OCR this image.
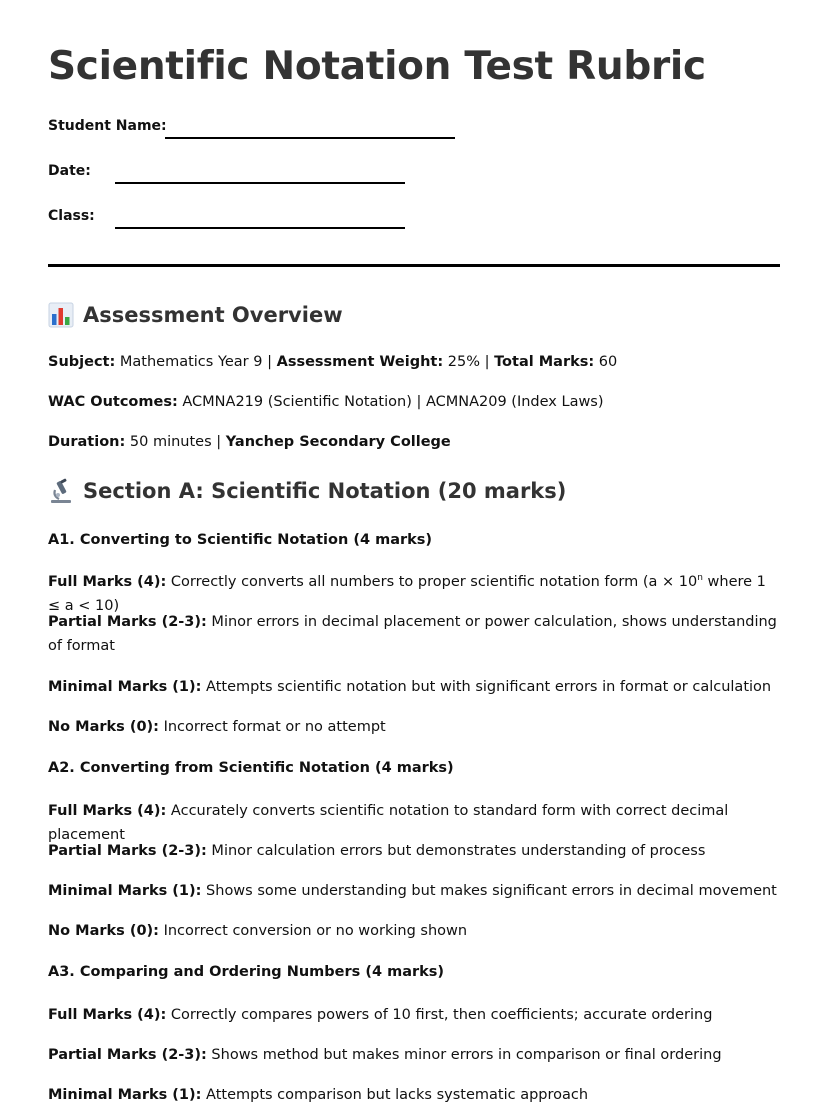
Scientific Notation Test Rubric
Student Name:
Date:
Class:
Assessment Overview
Subject: Mathematics Year 9 | Assessment Weight: 25% | Total Marks: 60
WAC Outcomes: ACMNA219 (Scientific Notation) | ACMNA209 (Index Laws)
Duration: 50 minutes | Yanchep Secondary College
Section A: Scientific Notation (20 marks)
A1. Converting to Scientific Notation (4 marks)
Full Marks (4): Correctly converts all numbers to proper scientific notation form ($a \times 10^n$ where 1 ≤ a < 10)
Partial Marks (2-3): Minor errors in decimal placement or power calculation, shows understanding of format
Minimal Marks (1): Attempts scientific notation but with significant errors in format or calculation
No Marks (0): Incorrect format or no attempt
A2. Converting from Scientific Notation (4 marks)
Full Marks (4): Accurately converts scientific notation to standard form with correct decimal placement
Partial Marks (2-3): Minor calculation errors but demonstrates understanding of process
Minimal Marks (1): Shows some understanding but makes significant errors in decimal movement
No Marks (0): Incorrect conversion or no working shown
A3. Comparing and Ordering Numbers (4 marks)
Full Marks (4): Correctly compares powers of 10 first, then coefficients; accurate ordering
Partial Marks (2-3): Shows method but makes minor errors in comparison or final ordering
Minimal Marks (1): Attempts comparison but lacks systematic approach
